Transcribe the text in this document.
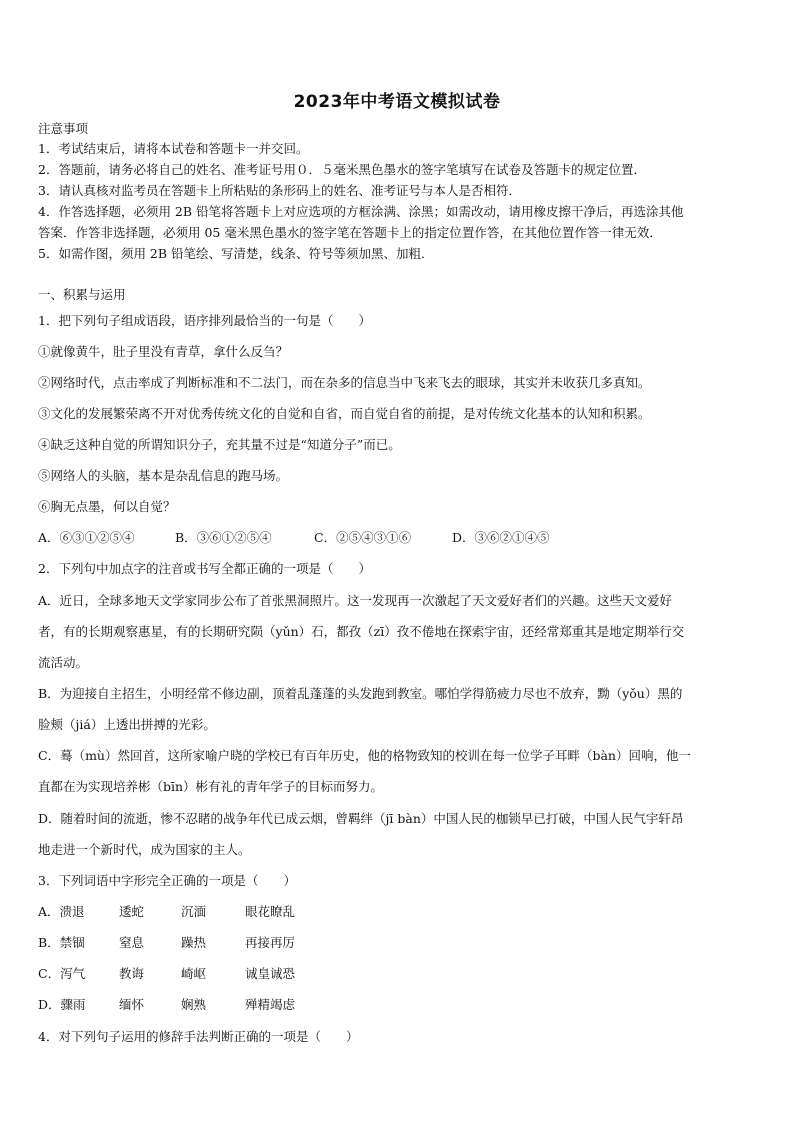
2023年中考语文模拟试卷
注意事项
1．考试结束后，请将本试卷和答题卡一并交回。
2．答题前，请务必将自己的姓名、准考证号用０．５毫米黑色墨水的签字笔填写在试卷及答题卡的规定位置．
3．请认真核对监考员在答题卡上所粘贴的条形码上的姓名、准考证号与本人是否相符．
4．作答选择题，必须用 2B 铅笔将答题卡上对应选项的方框涂满、涂黑；如需改动，请用橡皮擦干净后，再选涂其他
答案．作答非选择题，必须用 05 毫米黑色墨水的签字笔在答题卡上的指定位置作答，在其他位置作答一律无效．
5．如需作图，须用 2B 铅笔绘、写清楚，线条、符号等须加黑、加粗．
一、积累与运用
1．把下列句子组成语段，语序排列最恰当的一句是（　　）
①就像黄牛，肚子里没有青草，拿什么反刍？
②网络时代，点击率成了判断标准和不二法门，而在杂多的信息当中飞来飞去的眼球，其实并未收获几多真知。
③文化的发展繁荣离不开对优秀传统文化的自觉和自省，而自觉自省的前提，是对传统文化基本的认知和积累。
④缺乏这种自觉的所谓知识分子，充其量不过是“知道分子”而已。
⑤网络人的头脑，基本是杂乱信息的跑马场。
⑥胸无点墨，何以自觉？
A．⑥③①②⑤④	B．③⑥①②⑤④	C．②⑤④③①⑥	D．③⑥②①④⑤
2．下列句中加点字的注音或书写全都正确的一项是（　　）
A．近日，全球多地天文学家同步公布了首张黑洞照片。这一发现再一次激起了天文爱好者们的兴趣。这些天文爱好
者，有的长期观察惠星，有的长期研究陨（yǔn）石，都孜（zī）孜不倦地在探索宇宙，还经常郑重其是地定期举行交
流活动。
B．为迎接自主招生，小明经常不修边副，顶着乱蓬蓬的头发跑到教室。哪怕学得筋疲力尽也不放弃，黝（yǒu）黑的
脸颊（jiá）上透出拼搏的光彩。
C．蓦（mù）然回首，这所家喻户晓的学校已有百年历史，他的格物致知的校训在每一位学子耳畔（bàn）回响，他一
直都在为实现培养彬（bīn）彬有礼的青年学子的目标而努力。
D．随着时间的流逝，惨不忍睹的战争年代已成云烟，曾羁绊（jī bàn）中国人民的枷锁早已打破，中国人民气宇轩昂
地走进一个新时代，成为国家的主人。
3．下列词语中字形完全正确的一项是（　　）
A．溃退	逶蛇	沉湎	眼花瞭乱
B．禁锢	窒息	躁热	再接再厉
C．泻气	教诲	崎岖	诚皇诚恐
D．骤雨	缅怀	娴熟	殚精竭虑
4．对下列句子运用的修辞手法判断正确的一项是（　　）
